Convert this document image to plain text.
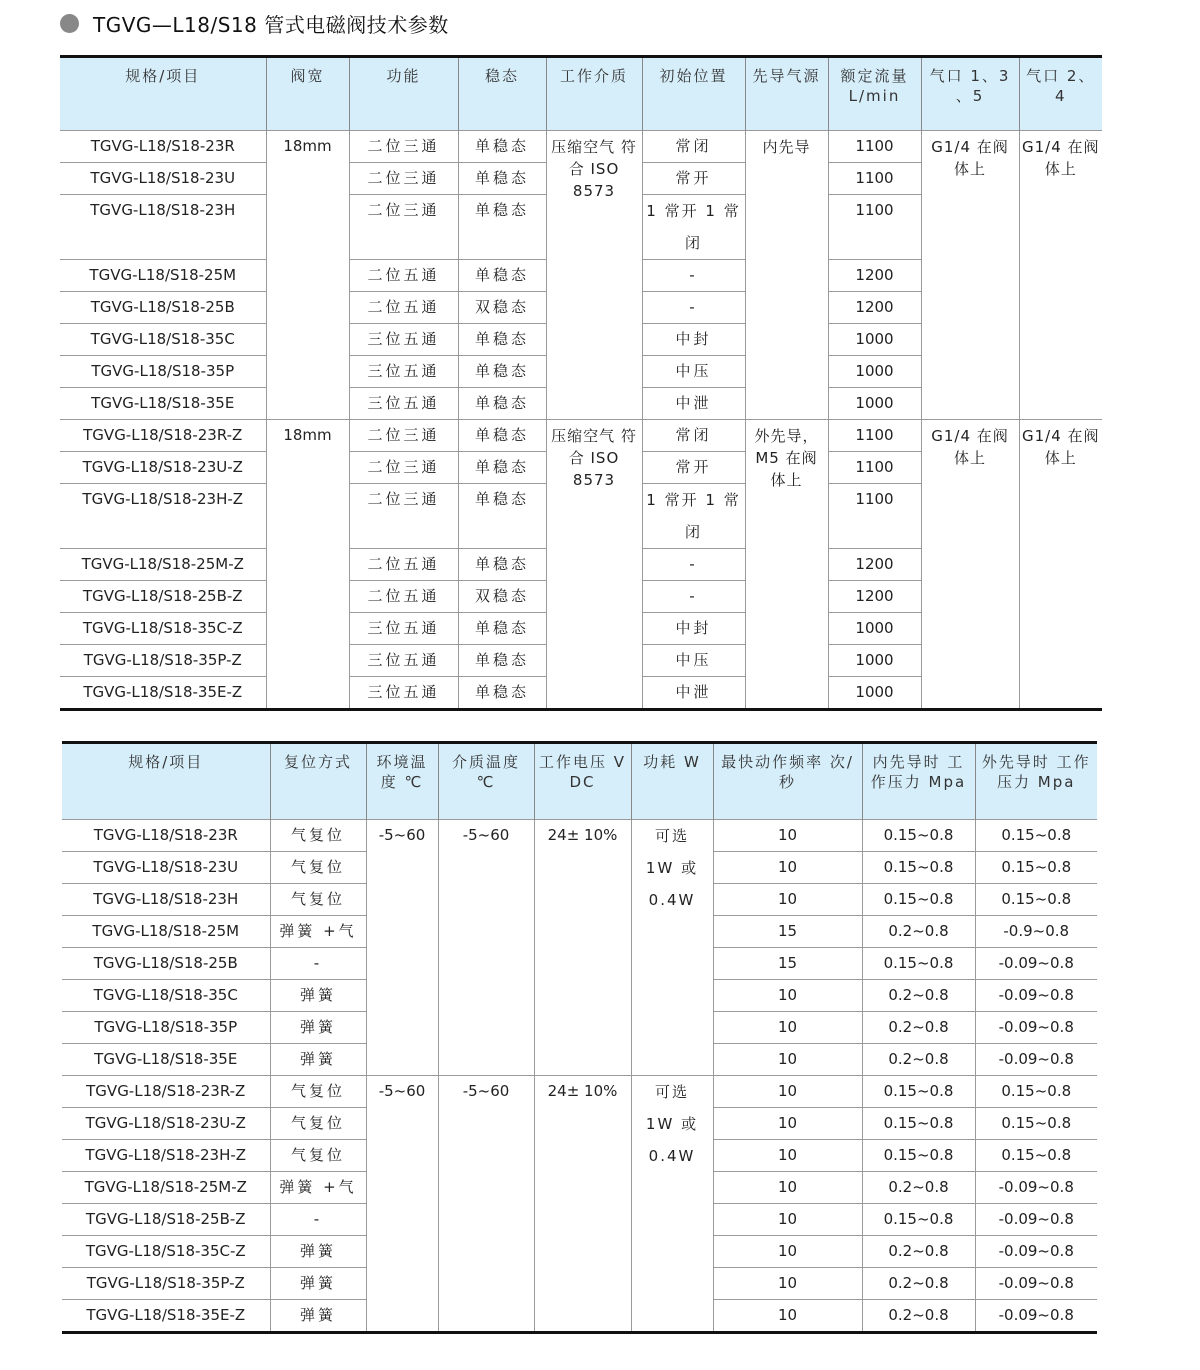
TGVG—L18/S18 管式电磁阀技术参数
规格/项目	阀宽	功能	稳态	工作介质	初始位置	先导气源	额定流量 L/min	气口 1、3 、5	气口 2、4
TGVG-L18/S18-23R	18mm	二位三通	单稳态	压缩空气 符合 ISO 8573	常闭	内先导	1100	G1/4 在阀体上	G1/4 在阀体上
TGVG-L18/S18-23U		二位三通	单稳态		常开		1100		
TGVG-L18/S18-23H		二位三通	单稳态		1 常开 1 常闭		1100		
TGVG-L18/S18-25M		二位五通	单稳态		-		1200		
TGVG-L18/S18-25B		二位五通	双稳态		-		1200		
TGVG-L18/S18-35C		三位五通	单稳态		中封		1000		
TGVG-L18/S18-35P		三位五通	单稳态		中压		1000		
TGVG-L18/S18-35E		三位五通	单稳态		中泄		1000		
TGVG-L18/S18-23R-Z	18mm	二位三通	单稳态	压缩空气 符合 ISO 8573	常闭	外先导，M5 在阀体上	1100	G1/4 在阀体上	G1/4 在阀体上
TGVG-L18/S18-23U-Z		二位三通	单稳态		常开		1100		
TGVG-L18/S18-23H-Z		二位三通	单稳态		1 常开 1 常闭		1100		
TGVG-L18/S18-25M-Z		二位五通	单稳态		-		1200		
TGVG-L18/S18-25B-Z		二位五通	双稳态		-		1200		
TGVG-L18/S18-35C-Z		三位五通	单稳态		中封		1000		
TGVG-L18/S18-35P-Z		三位五通	单稳态		中压		1000		
TGVG-L18/S18-35E-Z		三位五通	单稳态		中泄		1000		
规格/项目	复位方式	环境温度 ℃	介质温度 ℃	工作电压 V DC	功耗 W	最快动作频率 次/秒	内先导时 工作压力 Mpa	外先导时 工作压力 Mpa
TGVG-L18/S18-23R	气复位	-5~60	-5~60	24± 10%	可选 1W 或 0.4W	10	0.15~0.8	0.15~0.8
TGVG-L18/S18-23U	气复位					10	0.15~0.8	0.15~0.8
TGVG-L18/S18-23H	气复位					10	0.15~0.8	0.15~0.8
TGVG-L18/S18-25M	弹簧 +气					15	0.2~0.8	-0.9~0.8
TGVG-L18/S18-25B	-					15	0.15~0.8	-0.09~0.8
TGVG-L18/S18-35C	弹簧					10	0.2~0.8	-0.09~0.8
TGVG-L18/S18-35P	弹簧					10	0.2~0.8	-0.09~0.8
TGVG-L18/S18-35E	弹簧					10	0.2~0.8	-0.09~0.8
TGVG-L18/S18-23R-Z	气复位	-5~60	-5~60	24± 10%	可选 1W 或 0.4W	10	0.15~0.8	0.15~0.8
TGVG-L18/S18-23U-Z	气复位					10	0.15~0.8	0.15~0.8
TGVG-L18/S18-23H-Z	气复位					10	0.15~0.8	0.15~0.8
TGVG-L18/S18-25M-Z	弹簧 +气					10	0.2~0.8	-0.09~0.8
TGVG-L18/S18-25B-Z	-					10	0.15~0.8	-0.09~0.8
TGVG-L18/S18-35C-Z	弹簧					10	0.2~0.8	-0.09~0.8
TGVG-L18/S18-35P-Z	弹簧					10	0.2~0.8	-0.09~0.8
TGVG-L18/S18-35E-Z	弹簧					10	0.2~0.8	-0.09~0.8
